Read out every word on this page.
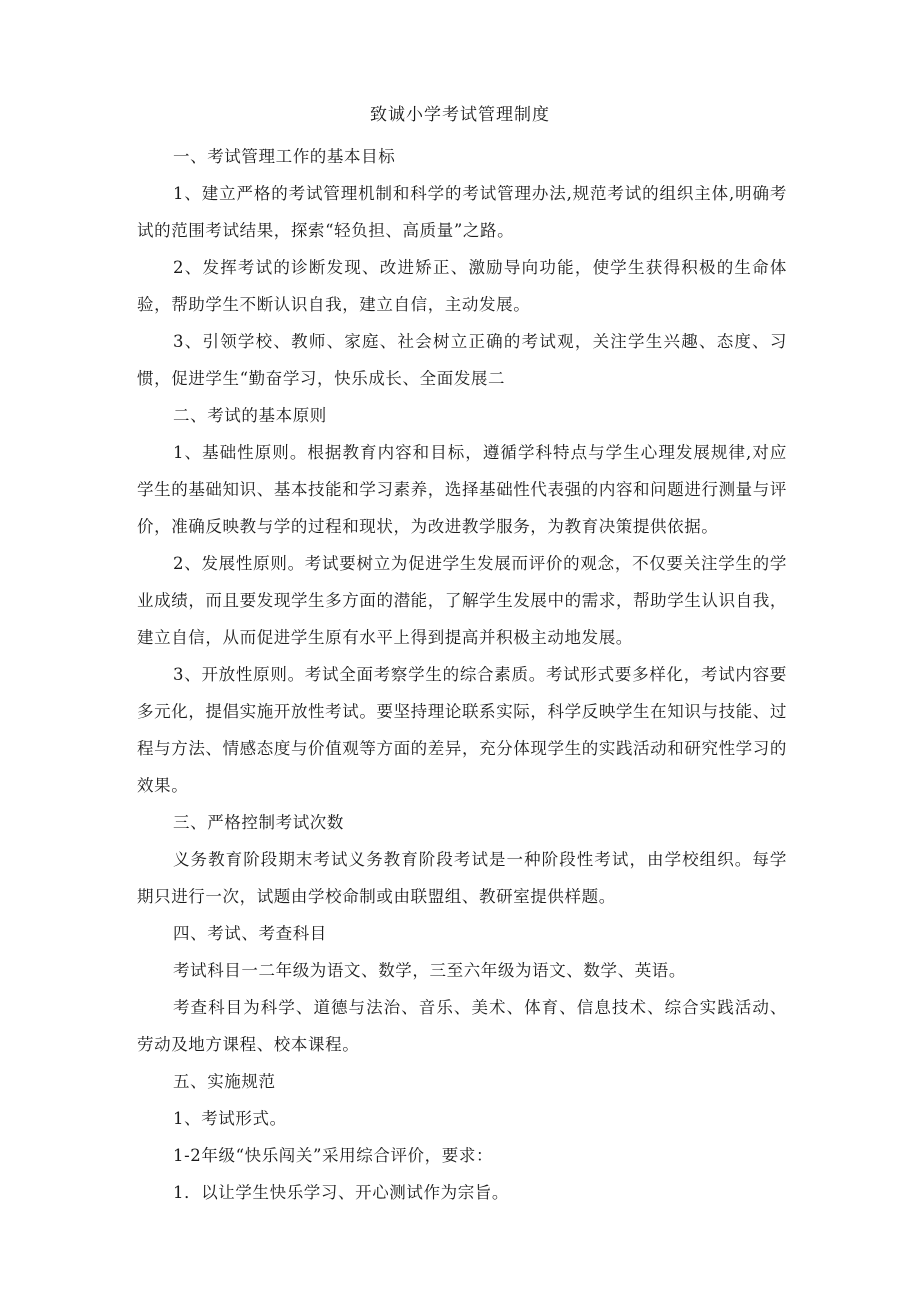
致诚小学考试管理制度

一、考试管理工作的基本目标

1、建立严格的考试管理机制和科学的考试管理办法,规范考试的组织主体,明确考试的范围考试结果，探索“轻负担、高质量”之路。

2、发挥考试的诊断发现、改进矫正、激励导向功能，使学生获得积极的生命体验，帮助学生不断认识自我，建立自信，主动发展。

3、引领学校、教师、家庭、社会树立正确的考试观，关注学生兴趣、态度、习惯，促进学生“勤奋学习，快乐成长、全面发展二

二、考试的基本原则

1、基础性原则。根据教育内容和目标，遵循学科特点与学生心理发展规律,对应学生的基础知识、基本技能和学习素养，选择基础性代表强的内容和问题进行测量与评价，准确反映教与学的过程和现状，为改进教学服务，为教育决策提供依据。

2、发展性原则。考试要树立为促进学生发展而评价的观念，不仅要关注学生的学业成绩，而且要发现学生多方面的潜能，了解学生发展中的需求，帮助学生认识自我，建立自信，从而促进学生原有水平上得到提高并积极主动地发展。

3、开放性原则。考试全面考察学生的综合素质。考试形式要多样化，考试内容要多元化，提倡实施开放性考试。要坚持理论联系实际，科学反映学生在知识与技能、过程与方法、情感态度与价值观等方面的差异，充分体现学生的实践活动和研究性学习的效果。

三、严格控制考试次数

义务教育阶段期末考试义务教育阶段考试是一种阶段性考试，由学校组织。每学期只进行一次，试题由学校命制或由联盟组、教研室提供样题。

四、考试、考查科目

考试科目一二年级为语文、数学，三至六年级为语文、数学、英语。

考查科目为科学、道德与法治、音乐、美术、体育、信息技术、综合实践活动、劳动及地方课程、校本课程。

五、实施规范

1、考试形式。

1-2年级“快乐闯关”采用综合评价，要求：

1．以让学生快乐学习、开心测试作为宗旨。
